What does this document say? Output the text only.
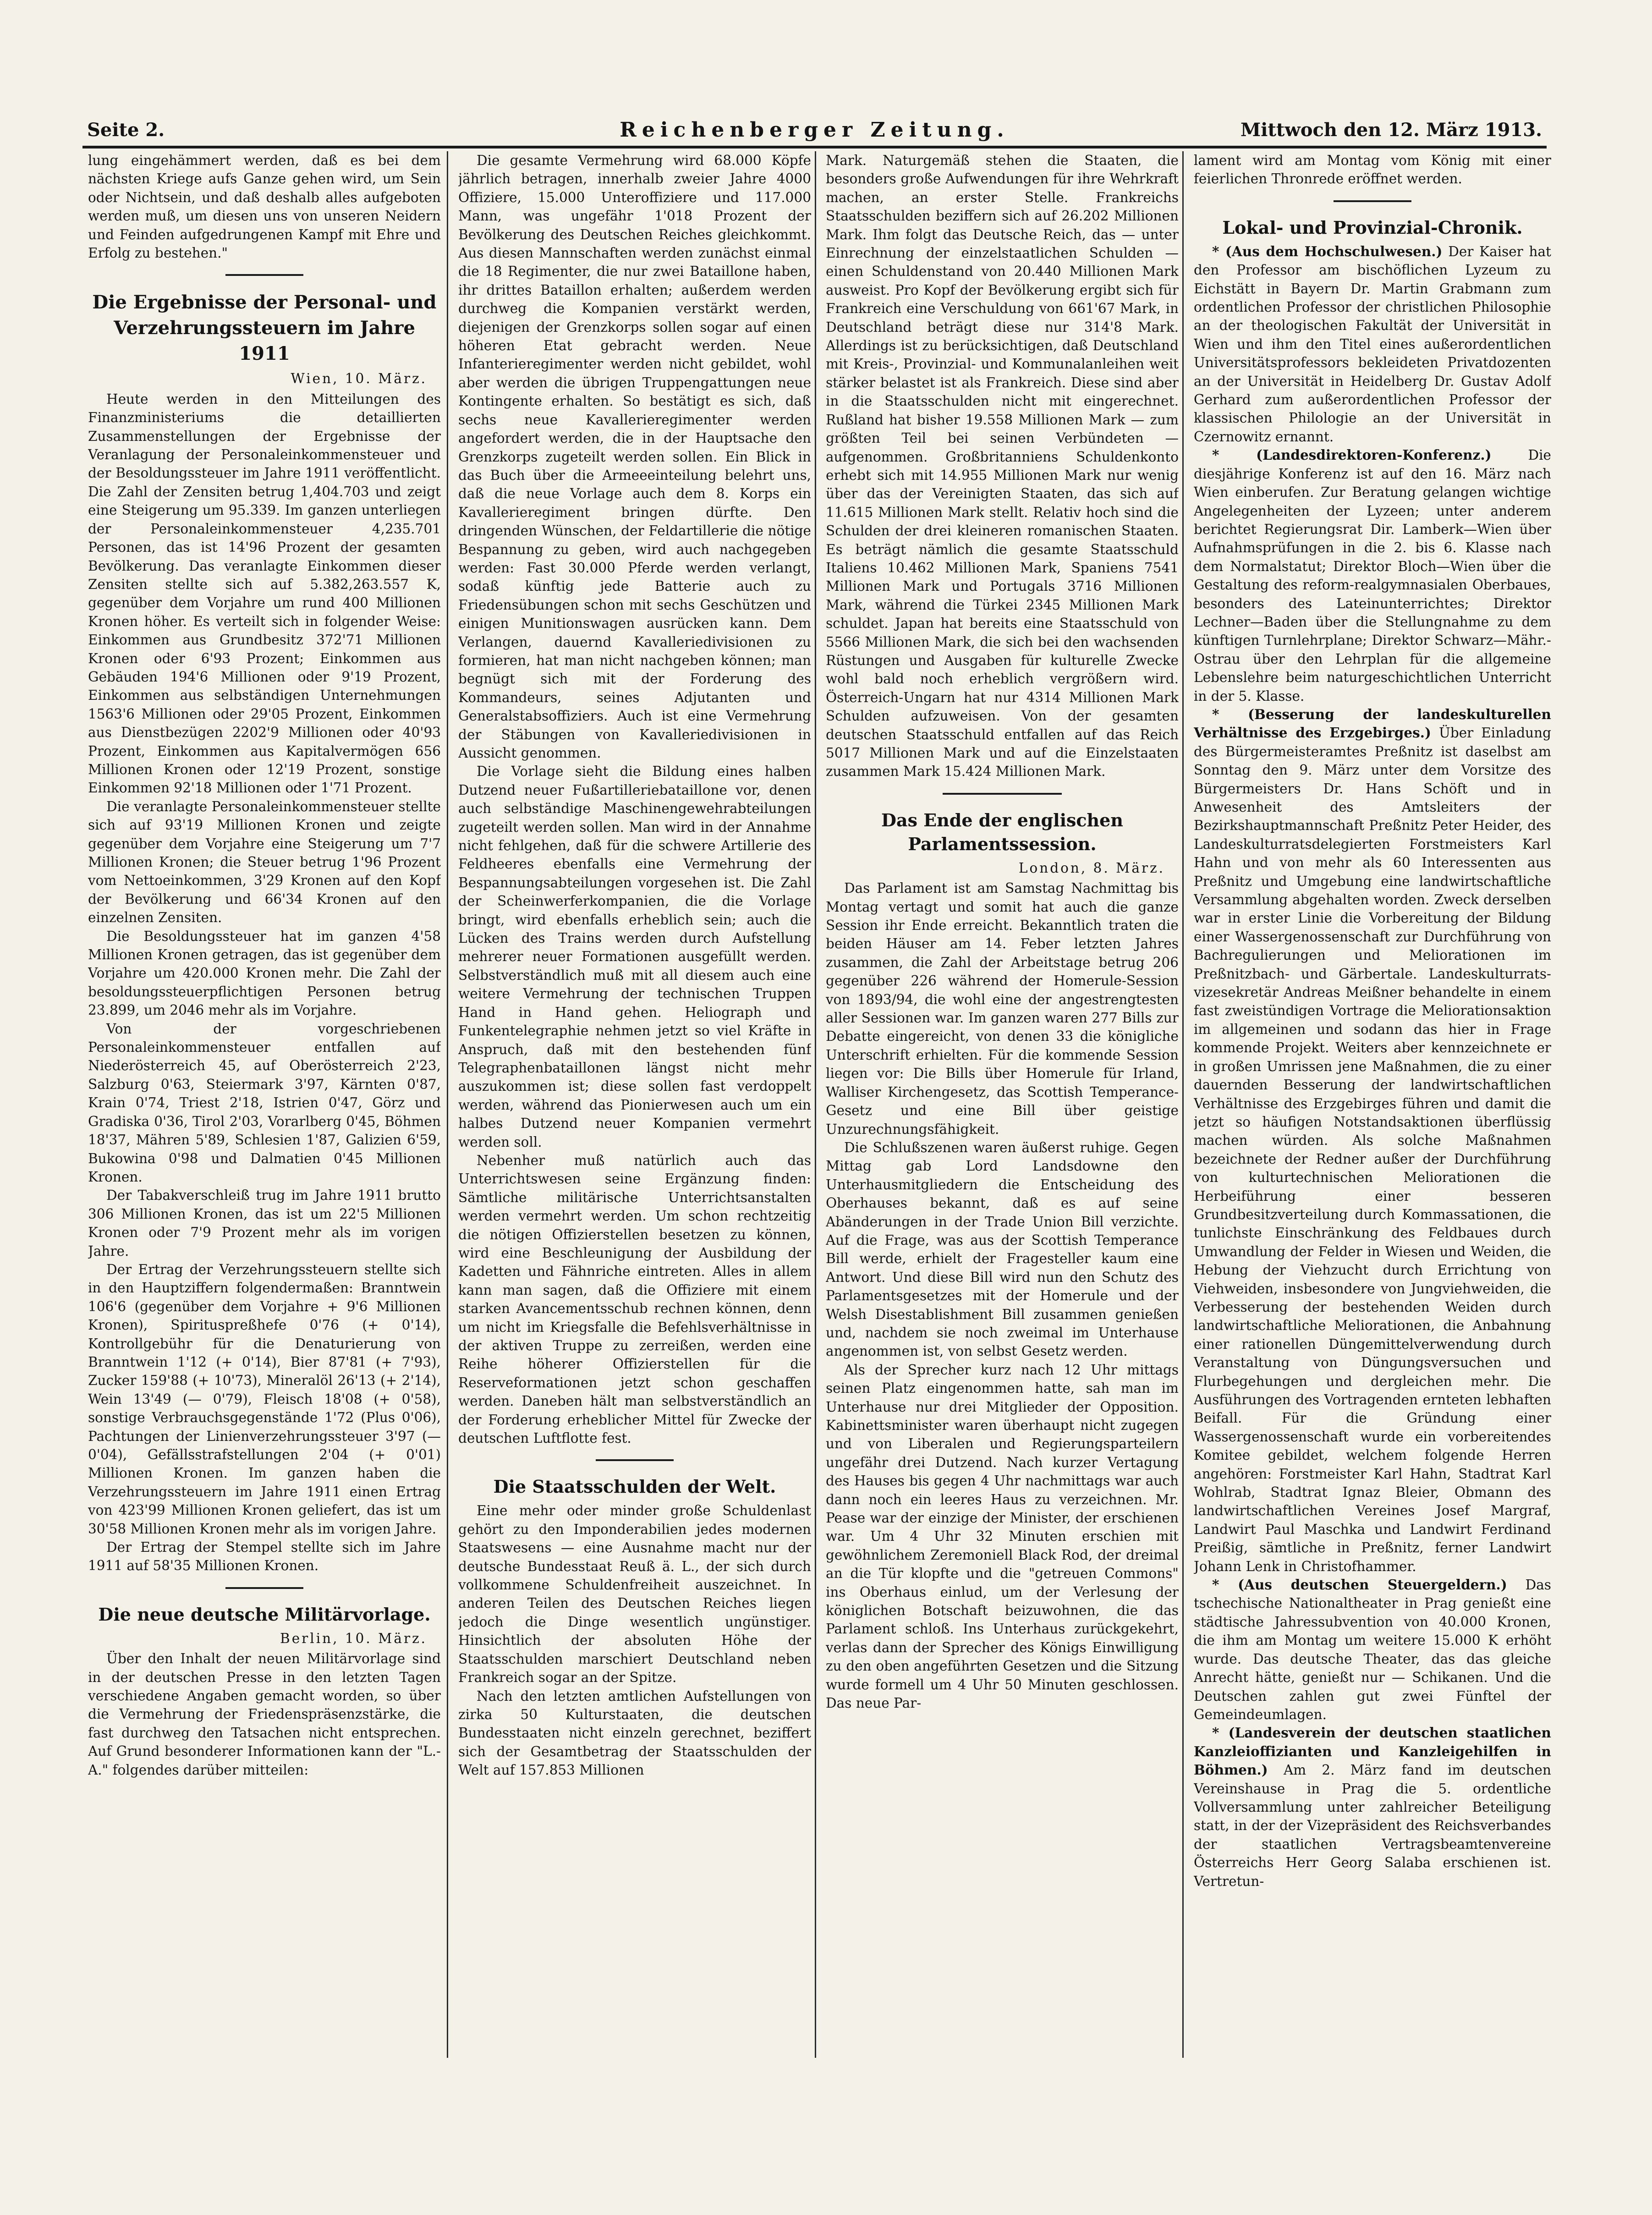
Seite 2.	Reichenberger Zeitung.	Mittwoch den 12. März 1913.

lung eingehämmert werden, daß es bei dem nächsten Kriege aufs Ganze gehen wird, um Sein oder Nichtsein, und daß deshalb alles aufgeboten werden muß, um diesen uns von unseren Neidern und Feinden aufgedrungenen Kampf mit Ehre und Erfolg zu bestehen."

Die Ergebnisse der Personal- und Verzehrungssteuern im Jahre 1911
Wien, 10. März.

Heute werden in den Mitteilungen des Finanzministeriums die detaillierten Zusammenstellungen der Ergebnisse der Veranlagung der Personaleinkommensteuer und der Besoldungssteuer im Jahre 1911 veröffentlicht. Die Zahl der Zensiten betrug 1,404.703 und zeigt eine Steigerung um 95.339. Im ganzen unterliegen der Personaleinkommensteuer 4,235.701 Personen, das ist 14'96 Prozent der gesamten Bevölkerung. Das veranlagte Einkommen dieser Zensiten stellte sich auf 5.382,263.557 K, gegenüber dem Vorjahre um rund 400 Millionen Kronen höher. Es verteilt sich in folgender Weise: Einkommen aus Grundbesitz 372'71 Millionen Kronen oder 6'93 Prozent; Einkommen aus Gebäuden 194'6 Millionen oder 9'19 Prozent, Einkommen aus selbständigen Unternehmungen 1563'6 Millionen oder 29'05 Prozent, Einkommen aus Dienstbezügen 2202'9 Millionen oder 40'93 Prozent, Einkommen aus Kapitalvermögen 656 Millionen Kronen oder 12'19 Prozent, sonstige Einkommen 92'18 Millionen oder 1'71 Prozent.

Die veranlagte Personaleinkommensteuer stellte sich auf 93'19 Millionen Kronen und zeigte gegenüber dem Vorjahre eine Steigerung um 7'7 Millionen Kronen; die Steuer betrug 1'96 Prozent vom Nettoeinkommen, 3'29 Kronen auf den Kopf der Bevölkerung und 66'34 Kronen auf den einzelnen Zensiten.

Die Besoldungssteuer hat im ganzen 4'58 Millionen Kronen getragen, das ist gegenüber dem Vorjahre um 420.000 Kronen mehr. Die Zahl der besoldungssteuerpflichtigen Personen betrug 23.899, um 2046 mehr als im Vorjahre.

Von der vorgeschriebenen Personaleinkommensteuer entfallen auf Niederösterreich 45, auf Oberösterreich 2'23, Salzburg 0'63, Steiermark 3'97, Kärnten 0'87, Krain 0'74, Triest 2'18, Istrien 0'47, Görz und Gradiska 0'36, Tirol 2'03, Vorarlberg 0'45, Böhmen 18'37, Mähren 5'89, Schlesien 1'87, Galizien 6'59, Bukowina 0'98 und Dalmatien 0'45 Millionen Kronen.

Der Tabakverschleiß trug im Jahre 1911 brutto 306 Millionen Kronen, das ist um 22'5 Millionen Kronen oder 7'9 Prozent mehr als im vorigen Jahre.

Der Ertrag der Verzehrungssteuern stellte sich in den Hauptziffern folgendermaßen: Branntwein 106'6 (gegenüber dem Vorjahre + 9'6 Millionen Kronen), Spirituspreßhefe 0'76 (+ 0'14), Kontrollgebühr für die Denaturierung von Branntwein 1'12 (+ 0'14), Bier 87'81 (+ 7'93), Zucker 159'88 (+ 10'73), Mineralöl 26'13 (+ 2'14), Wein 13'49 (— 0'79), Fleisch 18'08 (+ 0'58), sonstige Verbrauchsgegenstände 1'72 (Plus 0'06), Pachtungen der Linienverzehrungssteuer 3'97 (— 0'04), Gefällsstrafstellungen 2'04 (+ 0'01) Millionen Kronen. Im ganzen haben die Verzehrungssteuern im Jahre 1911 einen Ertrag von 423'99 Millionen Kronen geliefert, das ist um 30'58 Millionen Kronen mehr als im vorigen Jahre.

Der Ertrag der Stempel stellte sich im Jahre 1911 auf 58'35 Millionen Kronen.

Die neue deutsche Militärvorlage.
Berlin, 10. März.

Über den Inhalt der neuen Militärvorlage sind in der deutschen Presse in den letzten Tagen verschiedene Angaben gemacht worden, so über die Vermehrung der Friedenspräsenzstärke, die fast durchweg den Tatsachen nicht entsprechen. Auf Grund besonderer Informationen kann der "L.-A." folgendes darüber mitteilen:

Die gesamte Vermehrung wird 68.000 Köpfe jährlich betragen, innerhalb zweier Jahre 4000 Offiziere, 15.000 Unteroffiziere und 117.000 Mann, was ungefähr 1'018 Prozent der Bevölkerung des Deutschen Reiches gleichkommt. Aus diesen Mannschaften werden zunächst einmal die 18 Regimenter, die nur zwei Bataillone haben, ihr drittes Bataillon erhalten; außerdem werden durchweg die Kompanien verstärkt werden, diejenigen der Grenzkorps sollen sogar auf einen höheren Etat gebracht werden. Neue Infanterieregimenter werden nicht gebildet, wohl aber werden die übrigen Truppengattungen neue Kontingente erhalten. So bestätigt es sich, daß sechs neue Kavallerieregimenter werden angefordert werden, die in der Hauptsache den Grenzkorps zugeteilt werden sollen. Ein Blick in das Buch über die Armeeeinteilung belehrt uns, daß die neue Vorlage auch dem 8. Korps ein Kavallerieregiment bringen dürfte. Den dringenden Wünschen, der Feldartillerie die nötige Bespannung zu geben, wird auch nachgegeben werden: Fast 30.000 Pferde werden verlangt, sodaß künftig jede Batterie auch zu Friedensübungen schon mit sechs Geschützen und einigen Munitionswagen ausrücken kann. Dem Verlangen, dauernd Kavalleriedivisionen zu formieren, hat man nicht nachgeben können; man begnügt sich mit der Forderung des Kommandeurs, seines Adjutanten und Generalstabsoffiziers. Auch ist eine Vermehrung der Stäbungen von Kavalleriedivisionen in Aussicht genommen.

Die Vorlage sieht die Bildung eines halben Dutzend neuer Fußartilleriebataillone vor, denen auch selbständige Maschinengewehrabteilungen zugeteilt werden sollen. Man wird in der Annahme nicht fehlgehen, daß für die schwere Artillerie des Feldheeres ebenfalls eine Vermehrung der Bespannungsabteilungen vorgesehen ist. Die Zahl der Scheinwerferkompanien, die die Vorlage bringt, wird ebenfalls erheblich sein; auch die Lücken des Trains werden durch Aufstellung mehrerer neuer Formationen ausgefüllt werden. Selbstverständlich muß mit all diesem auch eine weitere Vermehrung der technischen Truppen Hand in Hand gehen. Heliograph und Funkentelegraphie nehmen jetzt so viel Kräfte in Anspruch, daß mit den bestehenden fünf Telegraphenbataillonen längst nicht mehr auszukommen ist; diese sollen fast verdoppelt werden, während das Pionierwesen auch um ein halbes Dutzend neuer Kompanien vermehrt werden soll.

Nebenher muß natürlich auch das Unterrichtswesen seine Ergänzung finden: Sämtliche militärische Unterrichtsanstalten werden vermehrt werden. Um schon rechtzeitig die nötigen Offizierstellen besetzen zu können, wird eine Beschleunigung der Ausbildung der Kadetten und Fähnriche eintreten. Alles in allem kann man sagen, daß die Offiziere mit einem starken Avancementsschub rechnen können, denn um nicht im Kriegsfalle die Befehlsverhältnisse in der aktiven Truppe zu zerreißen, werden eine Reihe höherer Offizierstellen für die Reserveformationen jetzt schon geschaffen werden. Daneben hält man selbstverständlich an der Forderung erheblicher Mittel für Zwecke der deutschen Luftflotte fest.

Die Staatsschulden der Welt.

Eine mehr oder minder große Schuldenlast gehört zu den Imponderabilien jedes modernen Staatswesens — eine Ausnahme macht nur der deutsche Bundesstaat Reuß ä. L., der sich durch vollkommene Schuldenfreiheit auszeichnet. In anderen Teilen des Deutschen Reiches liegen jedoch die Dinge wesentlich ungünstiger. Hinsichtlich der absoluten Höhe der Staatsschulden marschiert Deutschland neben Frankreich sogar an der Spitze.

Nach den letzten amtlichen Aufstellungen von zirka 50 Kulturstaaten, die deutschen Bundesstaaten nicht einzeln gerechnet, beziffert sich der Gesamtbetrag der Staatsschulden der Welt auf 157.853 Millionen

Mark. Naturgemäß stehen die Staaten, die besonders große Aufwendungen für ihre Wehrkraft machen, an erster Stelle. Frankreichs Staatsschulden beziffern sich auf 26.202 Millionen Mark. Ihm folgt das Deutsche Reich, das — unter Einrechnung der einzelstaatlichen Schulden — einen Schuldenstand von 20.440 Millionen Mark ausweist. Pro Kopf der Bevölkerung ergibt sich für Frankreich eine Verschuldung von 661'67 Mark, in Deutschland beträgt diese nur 314'8 Mark. Allerdings ist zu berücksichtigen, daß Deutschland mit Kreis-, Provinzial- und Kommunalanleihen weit stärker belastet ist als Frankreich. Diese sind aber in die Staatsschulden nicht mit eingerechnet. Rußland hat bisher 19.558 Millionen Mark — zum größten Teil bei seinen Verbündeten — aufgenommen. Großbritanniens Schuldenkonto erhebt sich mit 14.955 Millionen Mark nur wenig über das der Vereinigten Staaten, das sich auf 11.615 Millionen Mark stellt. Relativ hoch sind die Schulden der drei kleineren romanischen Staaten. Es beträgt nämlich die gesamte Staatsschuld Italiens 10.462 Millionen Mark, Spaniens 7541 Millionen Mark und Portugals 3716 Millionen Mark, während die Türkei 2345 Millionen Mark schuldet. Japan hat bereits eine Staatsschuld von 5566 Millionen Mark, die sich bei den wachsenden Rüstungen und Ausgaben für kulturelle Zwecke wohl bald noch erheblich vergrößern wird. Österreich-Ungarn hat nur 4314 Millionen Mark Schulden aufzuweisen. Von der gesamten deutschen Staatsschuld entfallen auf das Reich 5017 Millionen Mark und auf die Einzelstaaten zusammen Mark 15.424 Millionen Mark.

Das Ende der englischen Parlamentssession.
London, 8. März.

Das Parlament ist am Samstag Nachmittag bis Montag vertagt und somit hat auch die ganze Session ihr Ende erreicht. Bekanntlich traten die beiden Häuser am 14. Feber letzten Jahres zusammen, die Zahl der Arbeitstage betrug 206 gegenüber 226 während der Homerule-Session von 1893/94, die wohl eine der angestrengtesten aller Sessionen war. Im ganzen waren 277 Bills zur Debatte eingereicht, von denen 33 die königliche Unterschrift erhielten. Für die kommende Session liegen vor: Die Bills über Homerule für Irland, Walliser Kirchengesetz, das Scottish Temperance-Gesetz und eine Bill über geistige Unzurechnungsfähigkeit.

Die Schlußszenen waren äußerst ruhige. Gegen Mittag gab Lord Landsdowne den Unterhausmitgliedern die Entscheidung des Oberhauses bekannt, daß es auf seine Abänderungen in der Trade Union Bill verzichte. Auf die Frage, was aus der Scottish Temperance Bill werde, erhielt der Fragesteller kaum eine Antwort. Und diese Bill wird nun den Schutz des Parlamentsgesetzes mit der Homerule und der Welsh Disestablishment Bill zusammen genießen und, nachdem sie noch zweimal im Unterhause angenommen ist, von selbst Gesetz werden.

Als der Sprecher kurz nach 12 Uhr mittags seinen Platz eingenommen hatte, sah man im Unterhause nur drei Mitglieder der Opposition. Kabinettsminister waren überhaupt nicht zugegen und von Liberalen und Regierungsparteilern ungefähr drei Dutzend. Nach kurzer Vertagung des Hauses bis gegen 4 Uhr nachmittags war auch dann noch ein leeres Haus zu verzeichnen. Mr. Pease war der einzige der Minister, der erschienen war. Um 4 Uhr 32 Minuten erschien mit gewöhnlichem Zeremoniell Black Rod, der dreimal an die Tür klopfte und die "getreuen Commons" ins Oberhaus einlud, um der Verlesung der königlichen Botschaft beizuwohnen, die das Parlament schloß. Ins Unterhaus zurückgekehrt, verlas dann der Sprecher des Königs Einwilligung zu den oben angeführten Gesetzen und die Sitzung wurde formell um 4 Uhr 50 Minuten geschlossen. Das neue Par-

lament wird am Montag vom König mit einer feierlichen Thronrede eröffnet werden.

Lokal- und Provinzial-Chronik.

* (Aus dem Hochschulwesen.) Der Kaiser hat den Professor am bischöflichen Lyzeum zu Eichstätt in Bayern Dr. Martin Grabmann zum ordentlichen Professor der christlichen Philosophie an der theologischen Fakultät der Universität in Wien und ihm den Titel eines außerordentlichen Universitätsprofessors bekleideten Privatdozenten an der Universität in Heidelberg Dr. Gustav Adolf Gerhard zum außerordentlichen Professor der klassischen Philologie an der Universität in Czernowitz ernannt.

* (Landesdirektoren-Konferenz.)	Die diesjährige Konferenz ist auf den 16. März nach Wien einberufen. Zur Beratung gelangen wichtige Angelegenheiten der Lyzeen; unter anderem berichtet Regierungsrat Dir. Lamberk—Wien über Aufnahmsprüfungen in die 2. bis 6. Klasse nach dem Normalstatut; Direktor Bloch—Wien über die Gestaltung des reform-realgymnasialen Oberbaues, besonders des Lateinunterrichtes; Direktor Lechner—Baden über die Stellungnahme zu dem künftigen Turnlehrplane; Direktor Schwarz—Mähr.-Ostrau über den Lehrplan für die allgemeine Lebenslehre beim naturgeschichtlichen Unterricht in der 5. Klasse.

* (Besserung der landeskulturellen Verhältnisse des Erzgebirges.) Über Einladung des Bürgermeisteramtes Preßnitz ist daselbst am Sonntag den 9. März unter dem Vorsitze des Bürgermeisters Dr. Hans Schöft und in Anwesenheit des Amtsleiters der Bezirkshauptmannschaft Preßnitz Peter Heider, des Landeskulturratsdelegierten Forstmeisters Karl Hahn und von mehr als 60 Interessenten aus Preßnitz und Umgebung eine landwirtschaftliche Versammlung abgehalten worden. Zweck derselben war in erster Linie die Vorbereitung der Bildung einer Wassergenossenschaft zur Durchführung von Bachregulierungen und Meliorationen im Preßnitzbach- und Gärbertale. Landeskulturrats-vizesekretär Andreas Meißner behandelte in einem fast zweistündigen Vortrage die Meliorationsaktion im allgemeinen und sodann das hier in Frage kommende Projekt. Weiters aber kennzeichnete er in großen Umrissen jene Maßnahmen, die zu einer dauernden Besserung der landwirtschaftlichen Verhältnisse des Erzgebirges führen und damit die jetzt so häufigen Notstandsaktionen überflüssig machen würden. Als solche Maßnahmen bezeichnete der Redner außer der Durchführung von kulturtechnischen Meliorationen die Herbeiführung einer besseren Grundbesitzverteilung durch Kommassationen, die tunlichste Einschränkung des Feldbaues durch Umwandlung der Felder in Wiesen und Weiden, die Hebung der Viehzucht durch Errichtung von Viehweiden, insbesondere von Jungviehweiden, die Verbesserung der bestehenden Weiden durch landwirtschaftliche Meliorationen, die Anbahnung einer rationellen Düngemittelverwendung durch Veranstaltung von Düngungsversuchen und Flurbegehungen und dergleichen mehr. Die Ausführungen des Vortragenden ernteten lebhaften Beifall. Für die Gründung einer Wassergenossenschaft wurde ein vorbereitendes Komitee gebildet, welchem folgende Herren angehören: Forstmeister Karl Hahn, Stadtrat Karl Wohlrab, Stadtrat Ignaz Bleier, Obmann des landwirtschaftlichen Vereines Josef Margraf, Landwirt Paul Maschka und Landwirt Ferdinand Preißig, sämtliche in Preßnitz, ferner Landwirt Johann Lenk in Christofhammer.

* (Aus deutschen Steuergeldern.) Das tschechische Nationaltheater in Prag genießt eine städtische Jahressubvention von 40.000 Kronen, die ihm am Montag um weitere 15.000 K erhöht wurde. Das deutsche Theater, das das gleiche Anrecht hätte, genießt nur — Schikanen. Und die Deutschen zahlen gut zwei Fünftel der Gemeindeumlagen.

* (Landesverein der deutschen staatlichen Kanzleioffizianten und Kanzleigehilfen in Böhmen.) Am 2. März fand im deutschen Vereinshause in Prag die 5. ordentliche Vollversammlung unter zahlreicher Beteiligung statt, in der der Vizepräsident des Reichsverbandes der staatlichen Vertragsbeamtenvereine Österreichs Herr Georg Salaba erschienen ist. Vertretun-
